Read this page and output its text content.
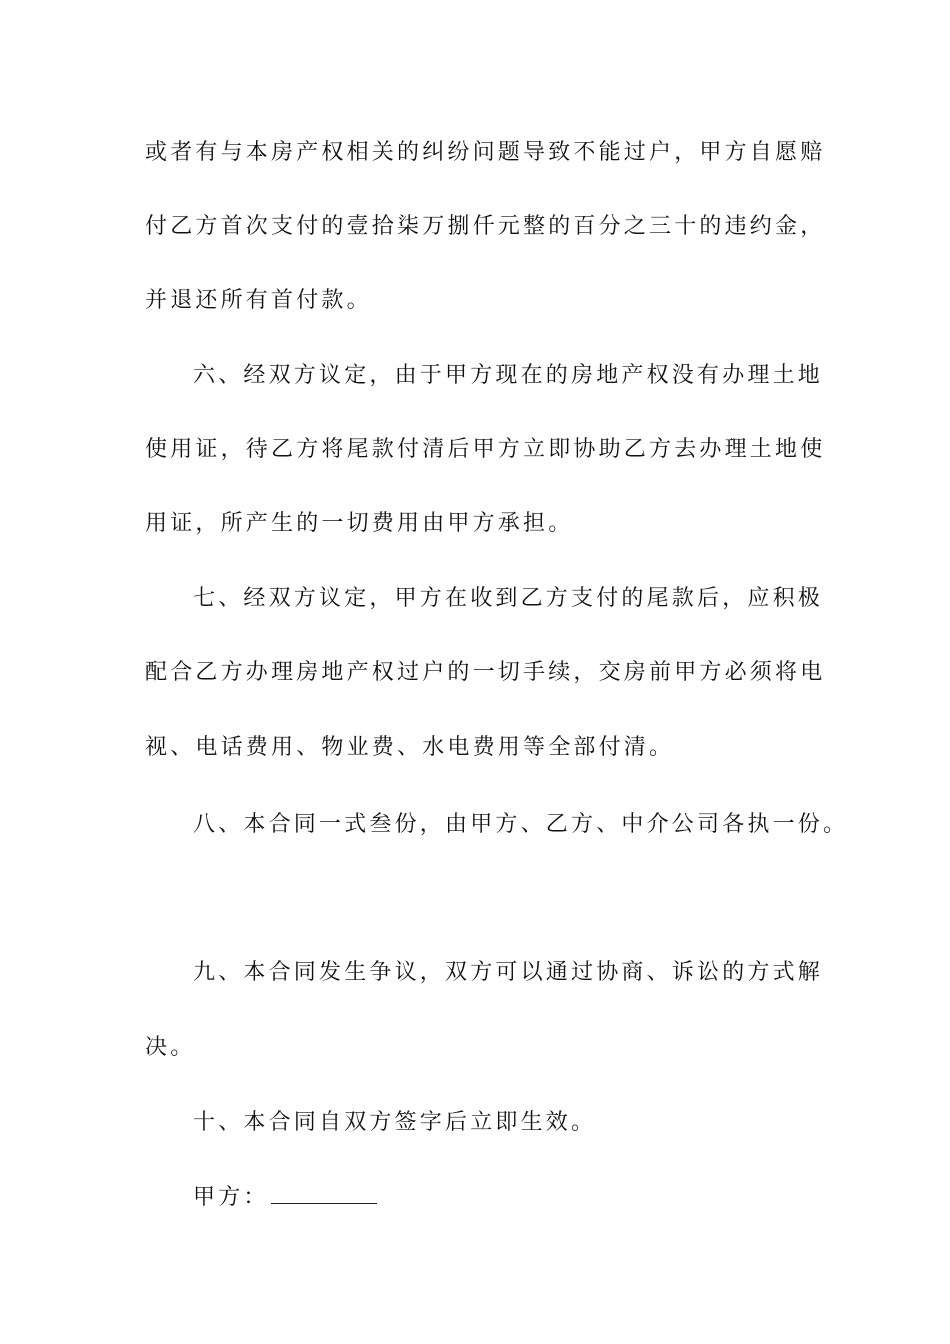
或者有与本房产权相关的纠纷问题导致不能过户，甲方自愿赔
付乙方首次支付的壹拾柒万捌仟元整的百分之三十的违约金，
并退还所有首付款。
六、经双方议定，由于甲方现在的房地产权没有办理土地
使用证，待乙方将尾款付清后甲方立即协助乙方去办理土地使
用证，所产生的一切费用由甲方承担。
七、经双方议定，甲方在收到乙方支付的尾款后，应积极
配合乙方办理房地产权过户的一切手续，交房前甲方必须将电
视、电话费用、物业费、水电费用等全部付清。
八、本合同一式叁份，由甲方、乙方、中介公司各执一份。
九、本合同发生争议，双方可以通过协商、诉讼的方式解
决。
十、本合同自双方签字后立即生效。
甲方：
